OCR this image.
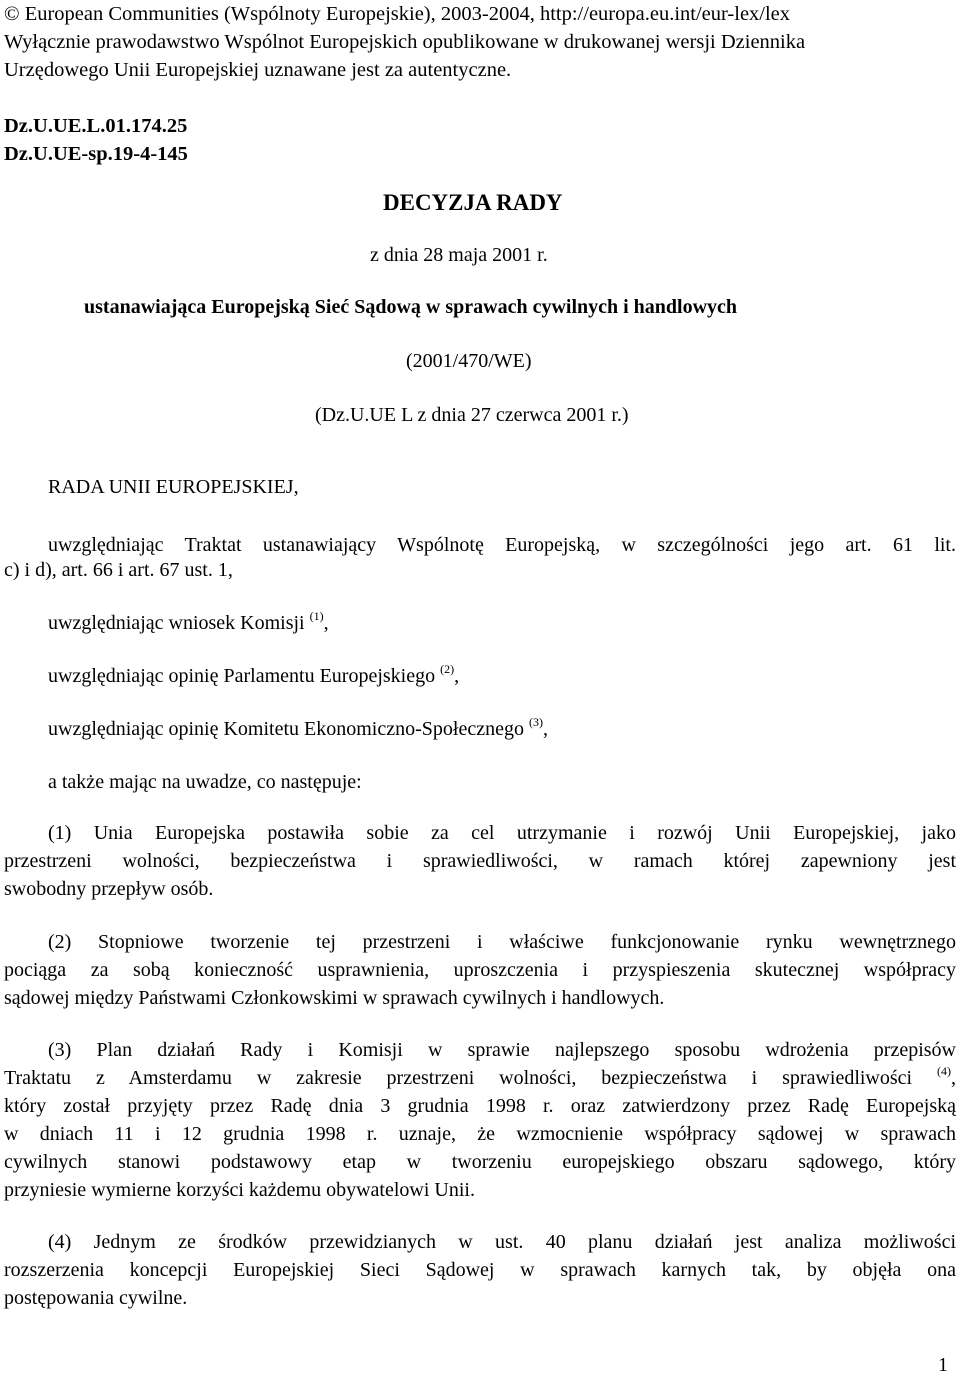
© European Communities (Wspólnoty Europejskie), 2003-2004, http://europa.eu.int/eur-lex/lex
Wyłącznie prawodawstwo Wspólnot Europejskich opublikowane w drukowanej wersji Dziennika
Urzędowego Unii Europejskiej uznawane jest za autentyczne.
Dz.U.UE.L.01.174.25
Dz.U.UE-sp.19-4-145
DECYZJA RADY
z dnia 28 maja 2001 r.
ustanawiająca Europejską Sieć Sądową w sprawach cywilnych i handlowych
(2001/470/WE)
(Dz.U.UE L z dnia 27 czerwca 2001 r.)
RADA UNII EUROPEJSKIEJ,
uwzględniając Traktat ustanawiający Wspólnotę Europejską, w szczególności jego art. 61 lit.
c) i d), art. 66 i art. 67 ust. 1,
uwzględniając wniosek Komisji $^{(1)}$,
uwzględniając opinię Parlamentu Europejskiego $^{(2)}$,
uwzględniając opinię Komitetu Ekonomiczno-Społecznego $^{(3)}$,
a także mając na uwadze, co następuje:
(1) Unia Europejska postawiła sobie za cel utrzymanie i rozwój Unii Europejskiej, jako
przestrzeni wolności, bezpieczeństwa i sprawiedliwości, w ramach której zapewniony jest
swobodny przepływ osób.
(2) Stopniowe tworzenie tej przestrzeni i właściwe funkcjonowanie rynku wewnętrznego
pociąga za sobą konieczność usprawnienia, uproszczenia i przyspieszenia skutecznej współpracy
sądowej między Państwami Członkowskimi w sprawach cywilnych i handlowych.
(3) Plan działań Rady i Komisji w sprawie najlepszego sposobu wdrożenia przepisów
Traktatu z Amsterdamu w zakresie przestrzeni wolności, bezpieczeństwa i sprawiedliwości $^{(4)}$,
który został przyjęty przez Radę dnia 3 grudnia 1998 r. oraz zatwierdzony przez Radę Europejską
w dniach 11 i 12 grudnia 1998 r. uznaje, że wzmocnienie współpracy sądowej w sprawach
cywilnych stanowi podstawowy etap w tworzeniu europejskiego obszaru sądowego, który
przyniesie wymierne korzyści każdemu obywatelowi Unii.
(4) Jednym ze środków przewidzianych w ust. 40 planu działań jest analiza możliwości
rozszerzenia koncepcji Europejskiej Sieci Sądowej w sprawach karnych tak, by objęła ona
postępowania cywilne.
1
